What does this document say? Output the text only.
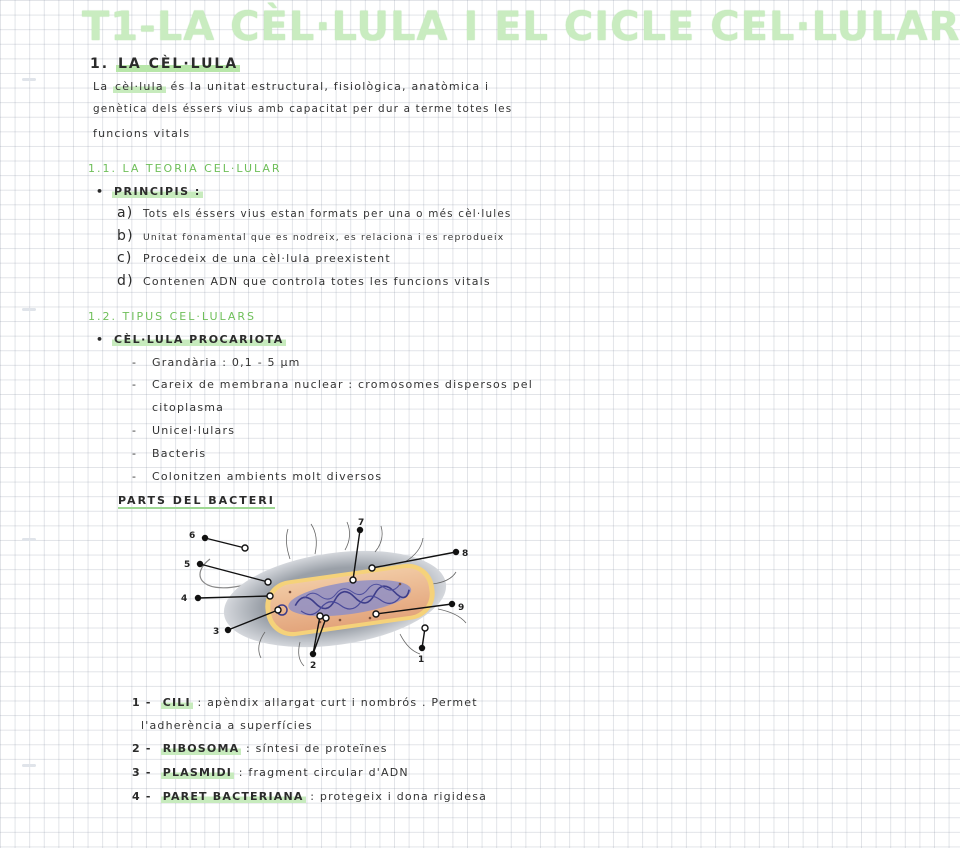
T1-LA CÈL·LULA I EL CICLE CEL·LULAR
1. LA CÈL·LULA
La cèl·lula és la unitat estructural, fisiològica, anatòmica i
genètica dels éssers vius amb capacitat per dur a terme totes les
funcions vitals
1.1. LA TEORIA CEL·LULAR
• PRINCIPIS :
a) Tots els éssers vius estan formats per una o més cèl·lules
b) Unitat fonamental que es nodreix, es relaciona i es reprodueix
c) Procedeix de una cèl·lula preexistent
d) Contenen ADN que controla totes les funcions vitals
1.2. TIPUS CEL·LULARS
• CÈL·LULA PROCARIOTA
- Grandària : 0,1 - 5 μm
- Careix de membrana nuclear : cromosomes dispersos pel
citoplasma
- Unicel·lulars
- Bacteris
- Colonitzen ambients molt diversos
PARTS DEL BACTERI
1
2
3
4
5
6
7
8
9
1 - CILI : apèndix allargat curt i nombrós . Permet
l'adherència a superfícies
2 - RIBOSOMA : síntesi de proteïnes
3 - PLASMIDI : fragment circular d'ADN
4 - PARET BACTERIANA : protegeix i dona rigidesa
